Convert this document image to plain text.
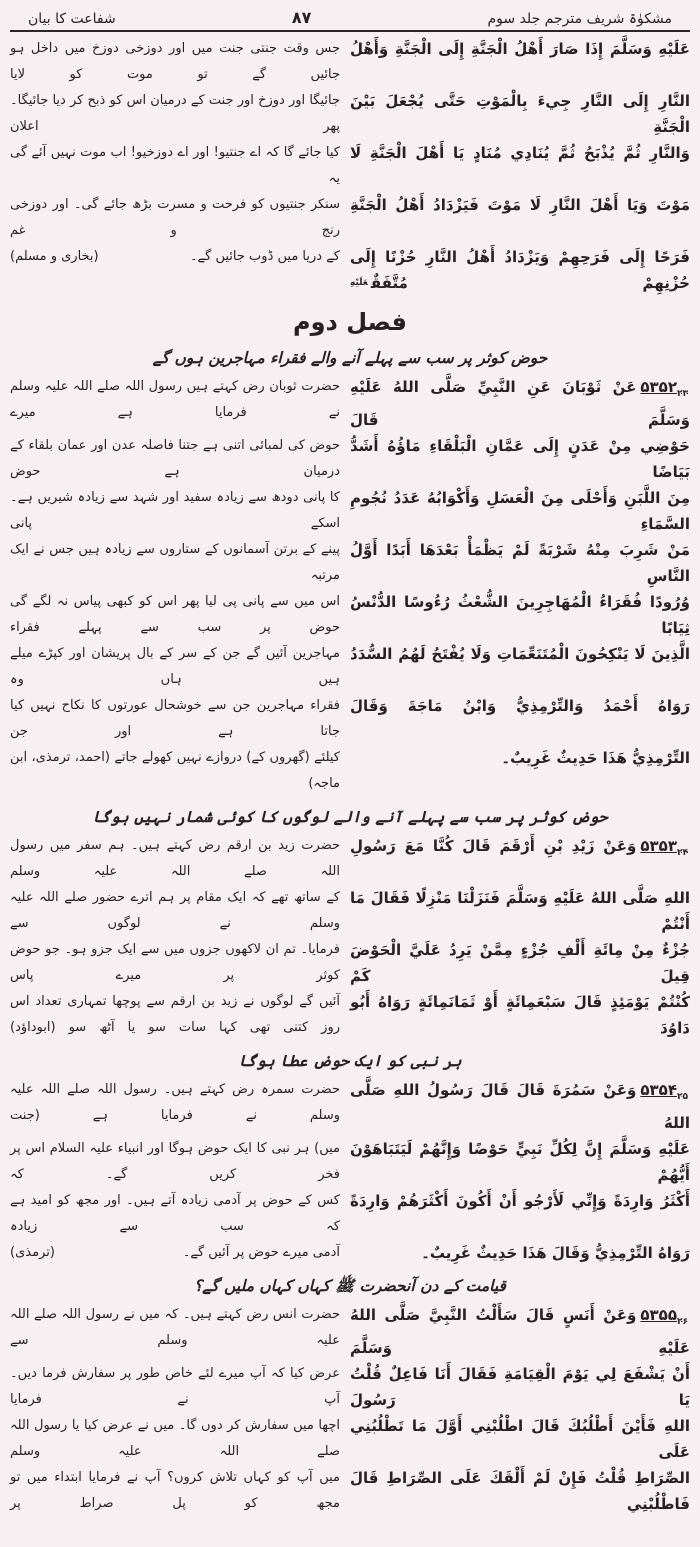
مشکوٰۃ شریف مترجم جلد سوم
۸۷
شفاعت کا بیان
عَلَيْهِ وَسَلَّمَ إِذَا صَارَ أَهْلُ الْجَنَّةِ إِلَى الْجَنَّةِ وَأَهْلُ
جس وقت جنتی جنت میں اور دوزخی دوزخ میں داخل ہو جائیں گے تو موت کو لایا
النَّارِ إِلَى النَّارِ جِيءَ بِالْمَوْتِ حَتَّى يُجْعَلَ بَيْنَ الْجَنَّةِ
جائیگا اور دوزخ اور جنت کے درمیان اس کو ذبح کر دیا جائیگا۔ پھر اعلان
وَالنَّارِ ثُمَّ يُذْبَحُ ثُمَّ يُنَادِي مُنَادٍ يَا أَهْلَ الْجَنَّةِ لَا
کیا جائے گا کہ اے جنتیو! اور اے دوزخیو! اب موت نہیں آئے گی یہ
مَوْتَ وَيَا أَهْلَ النَّارِ لَا مَوْتَ فَيَزْدَادُ أَهْلُ الْجَنَّةِ
سنکر جنتیوں کو فرحت و مسرت بڑھ جائے گی۔ اور دوزخی رنج و غم
فَرَحًا إِلَى فَرَحِهِمْ وَيَزْدَادُ أَهْلُ النَّارِ حُزْنًا إِلَى حُزْنِهِمْ مُتَّفَقٌ$^{عَلَيْهِ}$
کے دریا میں ڈوب جائیں گے۔
(بخاری و مسلم)
فصل دوم
حوض کوثر پر سب سے پہلے آنے والے فقراء مہاجرین ہوں گے
$۵۳۵۲_{۲۳}عَنْ$ ثَوْبَانَ عَنِ النَّبِيِّ صَلَّى اللهُ عَلَيْهِ وَسَلَّمَ قَالَ
حضرت ثوبان رض کہتے ہیں رسول اللہ صلے اللہ علیہ وسلم نے فرمایا ہے میرے
حَوْضِي مِنْ عَدَنٍ إِلَى عَمَّانِ الْبَلْقَاءِ مَاؤُهُ أَشَدُّ بَيَاضًا
حوض کی لمبائی اتنی ہے جتنا فاصلہ عدن اور عمان بلقاء کے درمیان ہے حوض
مِنَ اللَّبَنِ وَأَحْلَى مِنَ الْعَسَلِ وَأَكْوَابُهُ عَدَدُ نُجُومِ السَّمَاءِ
کا پانی دودھ سے زیادہ سفید اور شہد سے زیادہ شیریں ہے۔ اسکے پانی
مَنْ شَرِبَ مِنْهُ شَرْبَةً لَمْ يَظْمَأْ بَعْدَهَا أَبَدًا أَوَّلُ النَّاسِ
پینے کے برتن آسمانوں کے ستاروں سے زیادہ ہیں جس نے ایک مرتبہ
وُرُودًا فُقَرَاءُ الْمُهَاجِرِينَ الشُّعْثُ رُءُوسًا الدُّنْسُ ثِيَابًا
اس میں سے پانی پی لیا پھر اس کو کبھی پیاس نہ لگے گی حوض پر سب سے پہلے فقراء
الَّذِينَ لَا يَنْكِحُونَ الْمُتَنَعِّمَاتِ وَلَا يُفْتَحُ لَهُمُ السُّدَدُ
مہاجرین آئیں گے جن کے سر کے بال پریشان اور کپڑے میلے ہیں ہاں وہ
رَوَاهُ أَحْمَدُ وَالتِّرْمِذِيُّ وَابْنُ مَاجَةَ وَقَالَ
فقراء مہاجرین جن سے خوشحال عورتوں کا نکاح نہیں کیا جاتا ہے اور جن
التِّرْمِذِيُّ هَذَا حَدِيثٌ غَرِيبٌ۔
کیلئے (گھروں کے) دروازے نہیں کھولے جاتے (احمد، ترمذی، ابن ماجہ)
حوض کوثر پر سب سے پہلے آنے والے لوگوں کا کوئی شمار نہیں ہوگا
$۵۳۵۳_{۲۴}وَعَنْ$ زَيْدِ بْنِ أَرْقَمَ قَالَ كُنَّا مَعَ رَسُولِ
حضرت زید بن ارقم رض کہتے ہیں۔ ہم سفر میں رسول اللہ صلے اللہ علیہ وسلم
اللهِ صَلَّى اللهُ عَلَيْهِ وَسَلَّمَ فَنَزَلْنَا مَنْزِلًا فَقَالَ مَا أَنْتُمْ
کے ساتھ تھے کہ ایک مقام پر ہم اترے حضور صلے اللہ علیہ وسلم نے لوگوں سے
جُزْءٌ مِنْ مِائَةِ أَلْفِ جُزْءٍ مِمَّنْ يَرِدُ عَلَيَّ الْحَوْضَ قِيلَ كَمْ
فرمایا۔ تم ان لاکھوں جزوں میں سے ایک جزو ہو۔ جو حوض کوثر پر میرے پاس
كُنْتُمْ يَوْمَئِذٍ قَالَ سَبْعَمِائَةٍ أَوْ ثَمَانَمِائَةٍ رَوَاهُ أَبُو دَاوُدَ
آئیں گے لوگوں نے زید بن ارقم سے پوچھا تمہاری تعداد اس روز کتنی تھی کہا سات سو یا آٹھ سو (ابوداؤد)
ہر نبی کو ایک حوض عطا ہوگا
$۵۳۵۴_{۲۵}وَعَنْ$ سَمُرَةَ قَالَ قَالَ رَسُولُ اللهِ صَلَّى اللهُ
حضرت سمرہ رض کہتے ہیں۔ رسول اللہ صلے اللہ علیہ وسلم نے فرمایا ہے (جنت
عَلَيْهِ وَسَلَّمَ إِنَّ لِكُلِّ نَبِيٍّ حَوْضًا وَإِنَّهُمْ لَيَتَبَاهَوْنَ أَيُّهُمْ
میں) ہر نبی کا ایک حوض ہوگا اور انبیاء علیہ السلام اس پر فخر کریں گے۔ کہ
أَكْثَرُ وَارِدَةً وَإِنِّي لَأَرْجُو أَنْ أَكُونَ أَكْثَرَهُمْ وَارِدَةً
کس کے حوض پر آدمی زیادہ آتے ہیں۔ اور مجھ کو امید ہے کہ سب سے زیادہ
رَوَاهُ التِّرْمِذِيُّ وَقَالَ هَذَا حَدِيثٌ غَرِيبٌ۔
آدمی میرے حوض پر آئیں گے۔
(ترمذی)
قیامت کے دن آنحضرت ﷺ کہاں کہاں ملیں گے؟
$۵۳۵۵_{۲۶}وَعَنْ$ أَنَسٍ قَالَ سَأَلْتُ النَّبِيَّ صَلَّى اللهُ عَلَيْهِ وَسَلَّمَ
حضرت انس رض کہتے ہیں۔ کہ میں نے رسول اللہ صلے اللہ علیہ وسلم سے
أَنْ يَشْفَعَ لِي يَوْمَ الْقِيَامَةِ فَقَالَ أَنَا فَاعِلٌ قُلْتُ يَا رَسُولَ
عرض کیا کہ آپ میرے لئے خاص طور پر سفارش فرما دیں۔ آپ نے فرمایا
اللهِ فَأَيْنَ أَطْلُبُكَ قَالَ اطْلُبْنِي أَوَّلَ مَا تَطْلُبُنِي عَلَى
اچھا میں سفارش کر دوں گا۔ میں نے عرض کیا یا رسول اللہ صلے اللہ علیہ وسلم
الصِّرَاطِ قُلْتُ فَإِنْ لَمْ أَلْقَكَ عَلَى الصِّرَاطِ قَالَ فَاطْلُبْنِي
میں آپ کو کہاں تلاش کروں؟ آپ نے فرمایا ابتداء میں تو مجھ کو پل صراط پر
